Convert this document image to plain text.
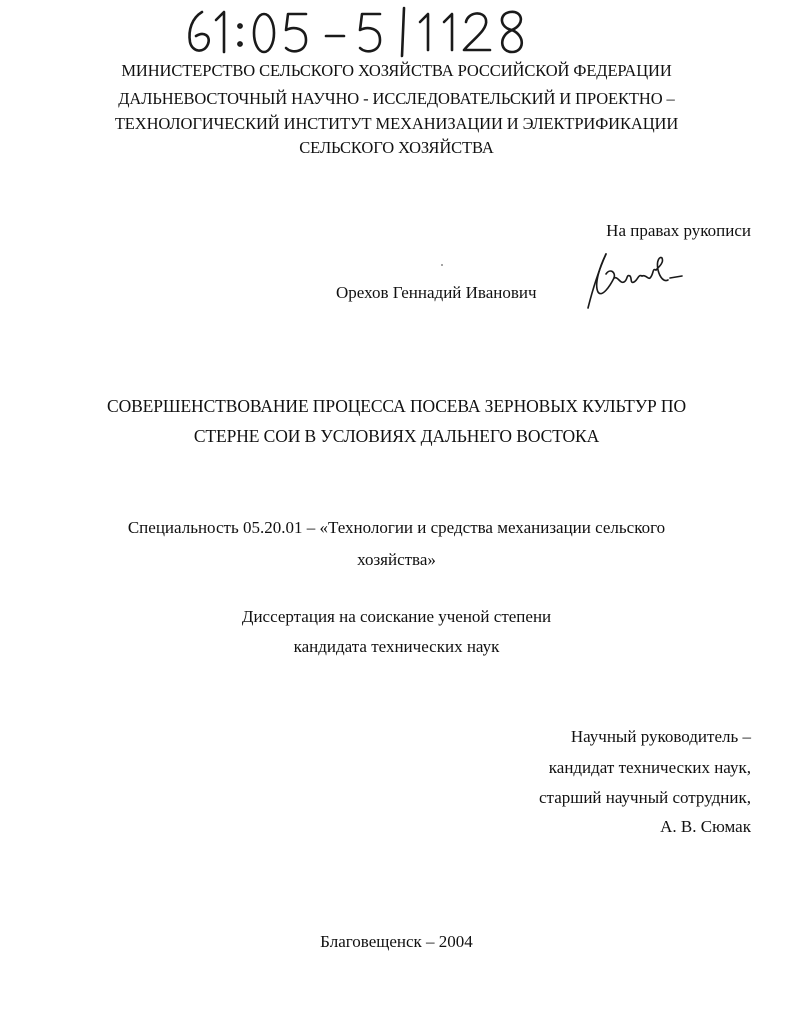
МИНИСТЕРСТВО СЕЛЬСКОГО ХОЗЯЙСТВА РОССИЙСКОЙ ФЕДЕРАЦИИ
ДАЛЬНЕВОСТОЧНЫЙ НАУЧНО - ИССЛЕДОВАТЕЛЬСКИЙ И ПРОЕКТНО –
ТЕХНОЛОГИЧЕСКИЙ ИНСТИТУТ МЕХАНИЗАЦИИ И ЭЛЕКТРИФИКАЦИИ
СЕЛЬСКОГО ХОЗЯЙСТВА
На правах рукописи
Орехов Геннадий Иванович
СОВЕРШЕНСТВОВАНИЕ ПРОЦЕССА ПОСЕВА ЗЕРНОВЫХ КУЛЬТУР ПО
СТЕРНЕ СОИ В УСЛОВИЯХ ДАЛЬНЕГО ВОСТОКА
Специальность 05.20.01 – «Технологии и средства механизации сельского
хозяйства»
Диссертация на соискание ученой степени
кандидата технических наук
Научный руководитель –
кандидат технических наук,
старший научный сотрудник,
А. В. Сюмак
Благовещенск – 2004
